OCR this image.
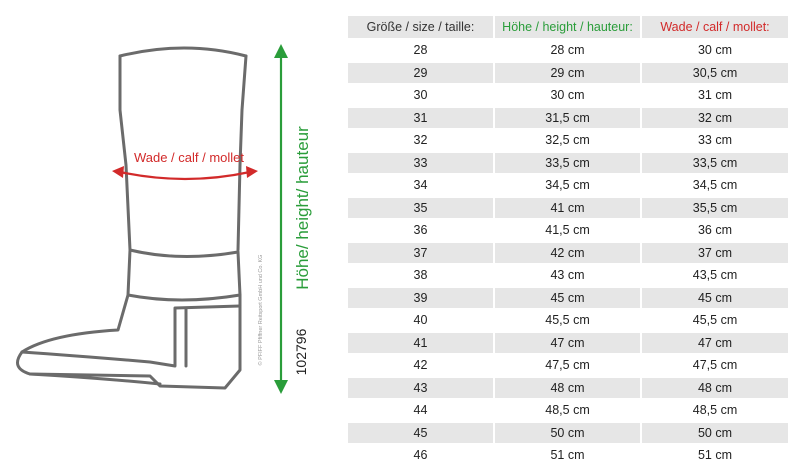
Wade / calf / mollet	Höhe/ height/ hauteur
102796
© PFIFF Pfiffner Reitsport GmbH und Co. KG
Größe / size / taille:	Höhe / height / hauteur:	Wade / calf / mollet:
28	28 cm	30 cm
29	29 cm	30,5 cm
30	30 cm	31 cm
31	31,5 cm	32 cm
32	32,5 cm	33 cm
33	33,5 cm	33,5 cm
34	34,5 cm	34,5 cm
35	41 cm	35,5 cm
36	41,5 cm	36 cm
37	42 cm	37 cm
38	43 cm	43,5 cm
39	45 cm	45 cm
40	45,5 cm	45,5 cm
41	47 cm	47 cm
42	47,5 cm	47,5 cm
43	48 cm	48 cm
44	48,5 cm	48,5 cm
45	50 cm	50 cm
46	51 cm	51 cm
